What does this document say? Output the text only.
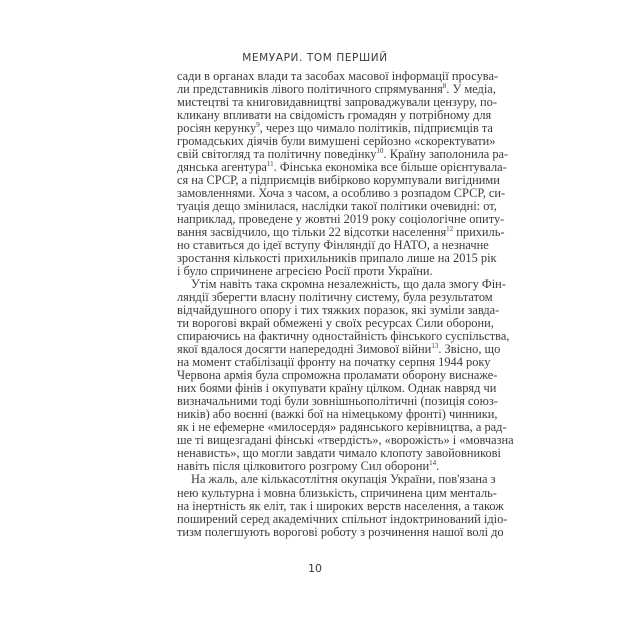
МЕМУАРИ. ТОМ ПЕРШИЙ
сади в органах влади та засобах масової інформації просува-
ли представників лівого політичного спрямування$^8$. У медіа,
мистецтві та книговидавництві запроваджували цензуру, по-
кликану впливати на свідомість громадян у потрібному для
росіян керунку$^9$, через що чимало політиків, підприємців та
громадських діячів були вимушені серйозно «скоректувати»
свій світогляд та політичну поведінку$^{10}$. Країну заполонила ра-
дянська агентура$^{11}$. Фінська економіка все більше орієнтувала-
ся на СРСР, а підприємців вибірково корумпували вигідними
замовленнями. Хоча з часом, а особливо з розпадом СРСР, си-
туація дещо змінилася, наслідки такої політики очевидні: от,
наприклад, проведене у жовтні 2019 року соціологічне опиту-
вання засвідчило, що тільки 22 відсотки населення$^{12}$ прихиль-
но ставиться до ідеї вступу Фінляндії до НАТО, а незначне
зростання кількості прихильників припало лише на 2015 рік
і було спричинене агресією Росії проти України.
Утім навіть така скромна незалежність, що дала змогу Фін-
ляндії зберегти власну політичну систему, була результатом
відчайдушного опору і тих тяжких поразок, які зуміли завда-
ти ворогові вкрай обмежені у своїх ресурсах Сили оборони,
спираючись на фактичну одностайність фінського суспільства,
якої вдалося досягти напередодні Зимової війни$^{13}$. Звісно, що
на момент стабілізації фронту на початку серпня 1944 року
Червона армія була спроможна проламати оборону виснаже-
них боями фінів і окупувати країну цілком. Однак навряд чи
визначальними тоді були зовнішньополітичні (позиція союз-
ників) або воєнні (важкі бої на німецькому фронті) чинники,
як і не ефемерне «милосердя» радянського керівництва, а рад-
ше ті вищезгадані фінські «твердість», «ворожість» і «мовчазна
ненависть», що могли завдати чимало клопоту завойовникові
навіть після цілковитого розгрому Сил оборони$^{14}$.
На жаль, але кількасотлітня окупація України, пов'язана з
нею культурна і мовна близькість, спричинена цим менталь-
на інертність як еліт, так і широких верств населення, а також
поширений серед академічних спільнот індоктринований ідіо-
тизм полегшують ворогові роботу з розчинення нашої волі до
10
